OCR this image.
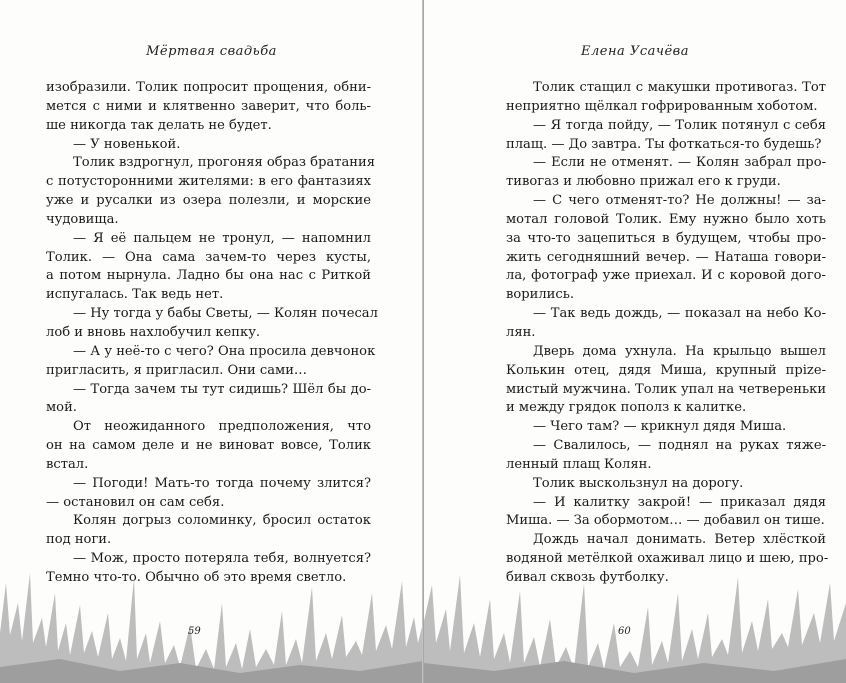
Мёртвая свадьба
изобразили. Толик попросит прощения, обни-
мется с ними и клятвенно заверит, что боль-
ше никогда так делать не будет.
— У новенькой.
Толик вздрогнул, прогоняя образ братания
с потусторонними жителями: в его фантазиях
уже и русалки из озера полезли, и морские
чудовища.
— Я её пальцем не тронул, — напомнил
Толик. — Она сама зачем-то через кусты,
а потом нырнула. Ладно бы она нас с Риткой
испугалась. Так ведь нет.
— Ну тогда у бабы Светы, — Колян почесал
лоб и вновь нахлобучил кепку.
— А у неё-то с чего? Она просила девчонок
пригласить, я пригласил. Они сами…
— Тогда зачем ты тут сидишь? Шёл бы до-
мой.
От неожиданного предположения, что
он на самом деле и не виноват вовсе, Толик
встал.
— Погоди! Мать-то тогда почему злится?
— остановил он сам себя.
Колян догрыз соломинку, бросил остаток
под ноги.
— Мож, просто потеряла тебя, волнуется?
Темно что-то. Обычно об это время светло.
59
Елена Усачёва
Толик стащил с макушки противогаз. Тот
неприятно щёлкал гофрированным хоботом.
— Я тогда пойду, — Толик потянул с себя
плащ. — До завтра. Ты фоткаться-то будешь?
— Если не отменят. — Колян забрал про-
тивогаз и любовно прижал его к груди.
— С чего отменят-то? Не должны! — за-
мотал головой Толик. Ему нужно было хоть
за что-то зацепиться в будущем, чтобы про-
жить сегодняшний вечер. — Наташа говори-
ла, фотограф уже приехал. И с коровой дого-
ворились.
— Так ведь дождь, — показал на небо Ко-
лян.
Дверь дома ухнула. На крыльцо вышел
Колькин отец, дядя Миша, крупный прize-
мистый мужчина. Толик упал на четвереньки
и между грядок пополз к калитке.
— Чего там? — крикнул дядя Миша.
— Свалилось, — поднял на руках тяже-
ленный плащ Колян.
Толик выскользнул на дорогу.
— И калитку закрой! — приказал дядя
Миша. — За обормотом… — добавил он тише.
Дождь начал донимать. Ветер хлёсткой
водяной метёлкой охаживал лицо и шею, про-
бивал сквозь футболку.
60
